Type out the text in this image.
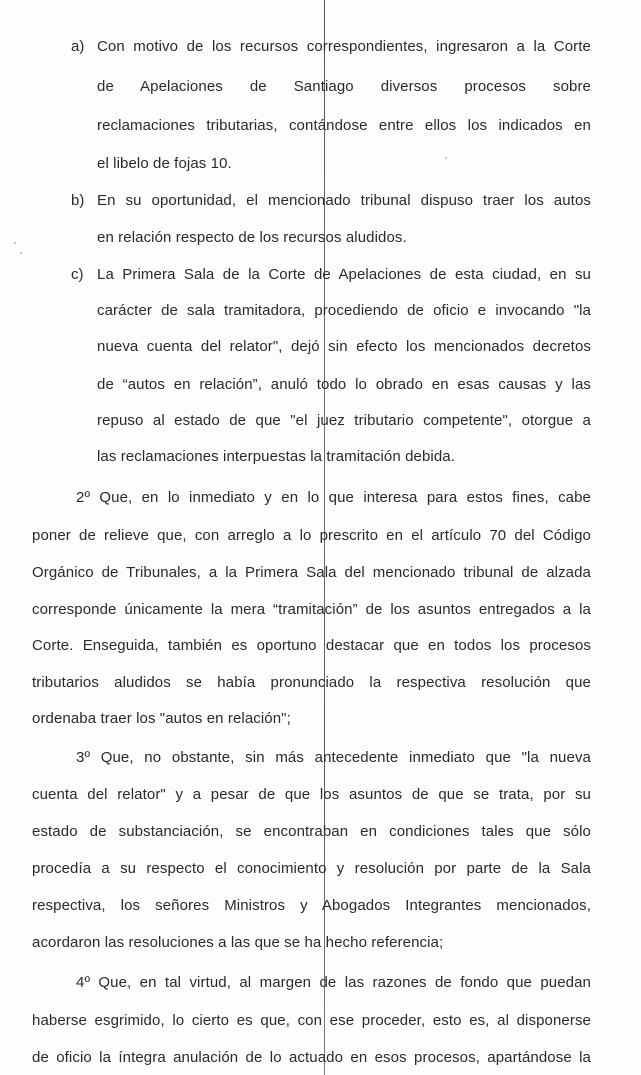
a) Con motivo de los recursos correspondientes, ingresaron a la Corte
de Apelaciones de Santiago diversos procesos sobre
reclamaciones tributarias, contándose entre ellos los indicados en
el libelo de fojas 10.
b) En su oportunidad, el mencionado tribunal dispuso traer los autos
en relación respecto de los recursos aludidos.
c) La Primera Sala de la Corte de Apelaciones de esta ciudad, en su
carácter de sala tramitadora, procediendo de oficio e invocando "la
nueva cuenta del relator", dejó sin efecto los mencionados decretos
de “autos en relación”, anuló todo lo obrado en esas causas y las
repuso al estado de que "el juez tributario competente", otorgue a
las reclamaciones interpuestas la tramitación debida.
2º Que, en lo inmediato y en lo que interesa para estos fines, cabe
poner de relieve que, con arreglo a lo prescrito en el artículo 70 del Código
Orgánico de Tribunales, a la Primera Sala del mencionado tribunal de alzada
corresponde únicamente la mera “tramitación” de los asuntos entregados a la
Corte. Enseguida, también es oportuno destacar que en todos los procesos
tributarios aludidos se había pronunciado la respectiva resolución que
ordenaba traer los "autos en relación";
3º Que, no obstante, sin más antecedente inmediato que "la nueva
cuenta del relator" y a pesar de que los asuntos de que se trata, por su
estado de substanciación, se encontraban en condiciones tales que sólo
procedía a su respecto el conocimiento y resolución por parte de la Sala
respectiva, los señores Ministros y Abogados Integrantes mencionados,
acordaron las resoluciones a las que se ha hecho referencia;
4º Que, en tal virtud, al margen de las razones de fondo que puedan
haberse esgrimido, lo cierto es que, con ese proceder, esto es, al disponerse
de oficio la íntegra anulación de lo actuado en esos procesos, apartándose la
